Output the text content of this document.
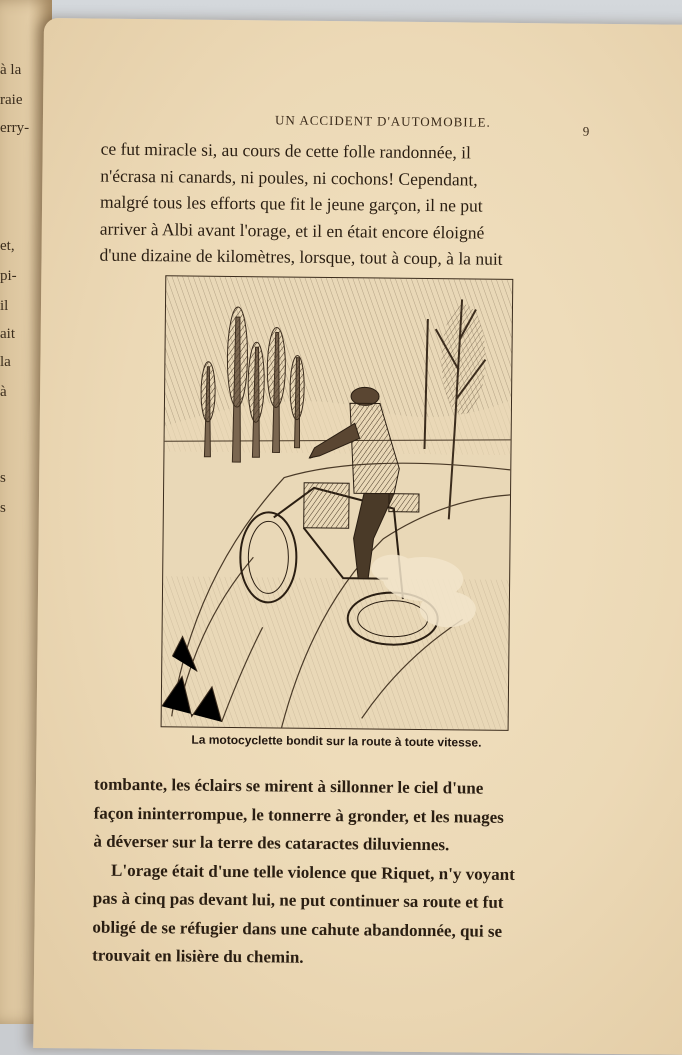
à la
raie
erry-
et,
pi-
il
ait
la
à
s
s
UN ACCIDENT D'AUTOMOBILE.
9
ce fut miracle si, au cours de cette folle randonnée, il
n'écrasa ni canards, ni poules, ni cochons! Cependant,
malgré tous les efforts que fit le jeune garçon, il ne put
arriver à Albi avant l'orage, et il en était encore éloigné
d'une dizaine de kilomètres, lorsque, tout à coup, à la nuit
La motocyclette bondit sur la route à toute vitesse.
tombante, les éclairs se mirent à sillonner le ciel d'une
façon ininterrompue, le tonnerre à gronder, et les nuages
à déverser sur la terre des cataractes diluviennes.
L'orage était d'une telle violence que Riquet, n'y voyant
pas à cinq pas devant lui, ne put continuer sa route et fut
obligé de se réfugier dans une cahute abandonnée, qui se
trouvait en lisière du chemin.
